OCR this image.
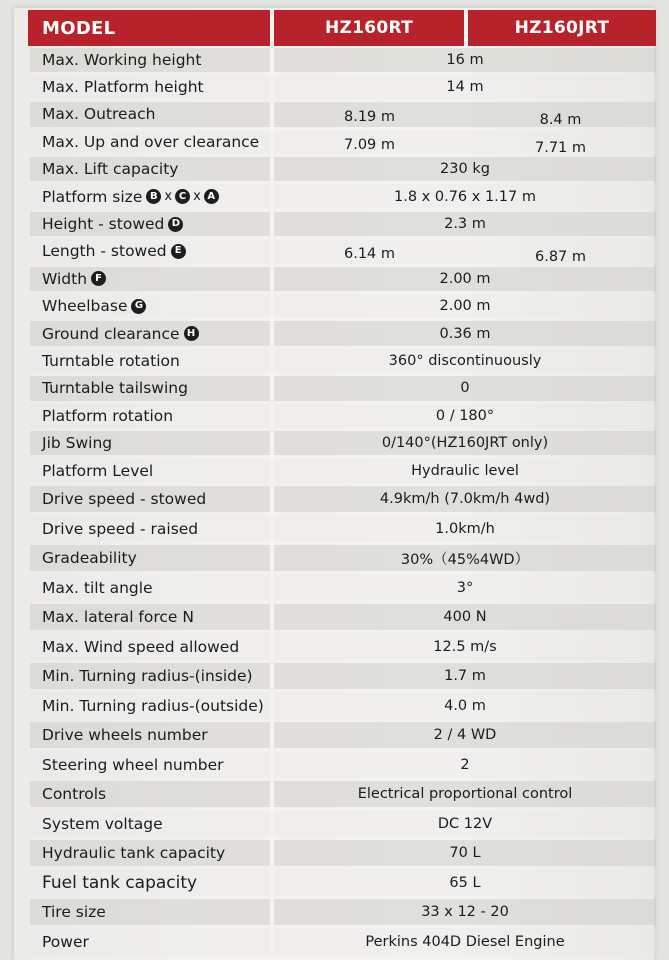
MODEL	HZ160RT	HZ160JRT
Max. Working height	16 m
Max. Platform height	14 m
Max. Outreach	8.19 m	8.4 m
Max. Up and over clearance	7.09 m	7.71 m
Max. Lift capacity	230 kg
Platform size B x C x A	1.8 x 0.76 x 1.17 m
Height - stowed D	2.3 m
Length - stowed E	6.14 m	6.87 m
Width F	2.00 m
Wheelbase G	2.00 m
Ground clearance H	0.36 m
Turntable rotation	360° discontinuously
Turntable tailswing	0
Platform rotation	0 / 180°
Jib Swing	0/140°(HZ160JRT only)
Platform Level	Hydraulic level
Drive speed - stowed	4.9km/h (7.0km/h 4wd)
Drive speed - raised	1.0km/h
Gradeability	30%（45%4WD）
Max. tilt angle	3°
Max. lateral force N	400 N
Max. Wind speed allowed	12.5 m/s
Min. Turning radius-(inside)	1.7 m
Min. Turning radius-(outside)	4.0 m
Drive wheels number	2 / 4 WD
Steering wheel number	2
Controls	Electrical proportional control
System voltage	DC 12V
Hydraulic tank capacity	70 L
Fuel tank capacity	65 L
Tire size	33 x 12 - 20
Power	Perkins 404D Diesel Engine
